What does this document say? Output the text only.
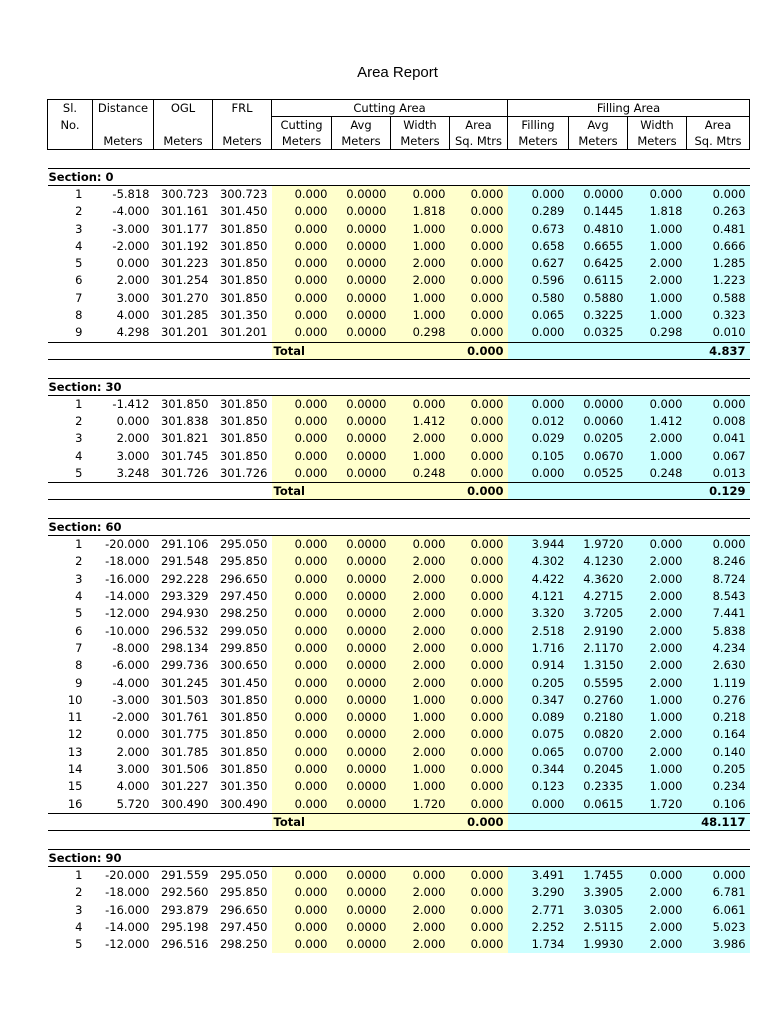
Area Report
Sl.	Distance	OGL	FRL	Cutting Area				Filling Area			
No.				Cutting	Avg	Width	Area	Filling	Avg	Width	Area
	Meters	Meters	Meters	Meters	Meters	Meters	Sq. Mtrs	Meters	Meters	Meters	Sq. Mtrs

Section: 0											
1	-5.818	300.723	300.723	0.000	0.0000	0.000	0.000	0.000	0.0000	0.000	0.000
2	-4.000	301.161	301.450	0.000	0.0000	1.818	0.000	0.289	0.1445	1.818	0.263
3	-3.000	301.177	301.850	0.000	0.0000	1.000	0.000	0.673	0.4810	1.000	0.481
4	-2.000	301.192	301.850	0.000	0.0000	1.000	0.000	0.658	0.6655	1.000	0.666
5	0.000	301.223	301.850	0.000	0.0000	2.000	0.000	0.627	0.6425	2.000	1.285
6	2.000	301.254	301.850	0.000	0.0000	2.000	0.000	0.596	0.6115	2.000	1.223
7	3.000	301.270	301.850	0.000	0.0000	1.000	0.000	0.580	0.5880	1.000	0.588
8	4.000	301.285	301.350	0.000	0.0000	1.000	0.000	0.065	0.3225	1.000	0.323
9	4.298	301.201	301.201	0.000	0.0000	0.298	0.000	0.000	0.0325	0.298	0.010
				Total			0.000				4.837

Section: 30											
1	-1.412	301.850	301.850	0.000	0.0000	0.000	0.000	0.000	0.0000	0.000	0.000
2	0.000	301.838	301.850	0.000	0.0000	1.412	0.000	0.012	0.0060	1.412	0.008
3	2.000	301.821	301.850	0.000	0.0000	2.000	0.000	0.029	0.0205	2.000	0.041
4	3.000	301.745	301.850	0.000	0.0000	1.000	0.000	0.105	0.0670	1.000	0.067
5	3.248	301.726	301.726	0.000	0.0000	0.248	0.000	0.000	0.0525	0.248	0.013
				Total			0.000				0.129

Section: 60											
1	-20.000	291.106	295.050	0.000	0.0000	0.000	0.000	3.944	1.9720	0.000	0.000
2	-18.000	291.548	295.850	0.000	0.0000	2.000	0.000	4.302	4.1230	2.000	8.246
3	-16.000	292.228	296.650	0.000	0.0000	2.000	0.000	4.422	4.3620	2.000	8.724
4	-14.000	293.329	297.450	0.000	0.0000	2.000	0.000	4.121	4.2715	2.000	8.543
5	-12.000	294.930	298.250	0.000	0.0000	2.000	0.000	3.320	3.7205	2.000	7.441
6	-10.000	296.532	299.050	0.000	0.0000	2.000	0.000	2.518	2.9190	2.000	5.838
7	-8.000	298.134	299.850	0.000	0.0000	2.000	0.000	1.716	2.1170	2.000	4.234
8	-6.000	299.736	300.650	0.000	0.0000	2.000	0.000	0.914	1.3150	2.000	2.630
9	-4.000	301.245	301.450	0.000	0.0000	2.000	0.000	0.205	0.5595	2.000	1.119
10	-3.000	301.503	301.850	0.000	0.0000	1.000	0.000	0.347	0.2760	1.000	0.276
11	-2.000	301.761	301.850	0.000	0.0000	1.000	0.000	0.089	0.2180	1.000	0.218
12	0.000	301.775	301.850	0.000	0.0000	2.000	0.000	0.075	0.0820	2.000	0.164
13	2.000	301.785	301.850	0.000	0.0000	2.000	0.000	0.065	0.0700	2.000	0.140
14	3.000	301.506	301.850	0.000	0.0000	1.000	0.000	0.344	0.2045	1.000	0.205
15	4.000	301.227	301.350	0.000	0.0000	1.000	0.000	0.123	0.2335	1.000	0.234
16	5.720	300.490	300.490	0.000	0.0000	1.720	0.000	0.000	0.0615	1.720	0.106
				Total			0.000				48.117

Section: 90											
1	-20.000	291.559	295.050	0.000	0.0000	0.000	0.000	3.491	1.7455	0.000	0.000
2	-18.000	292.560	295.850	0.000	0.0000	2.000	0.000	3.290	3.3905	2.000	6.781
3	-16.000	293.879	296.650	0.000	0.0000	2.000	0.000	2.771	3.0305	2.000	6.061
4	-14.000	295.198	297.450	0.000	0.0000	2.000	0.000	2.252	2.5115	2.000	5.023
5	-12.000	296.516	298.250	0.000	0.0000	2.000	0.000	1.734	1.9930	2.000	3.986
